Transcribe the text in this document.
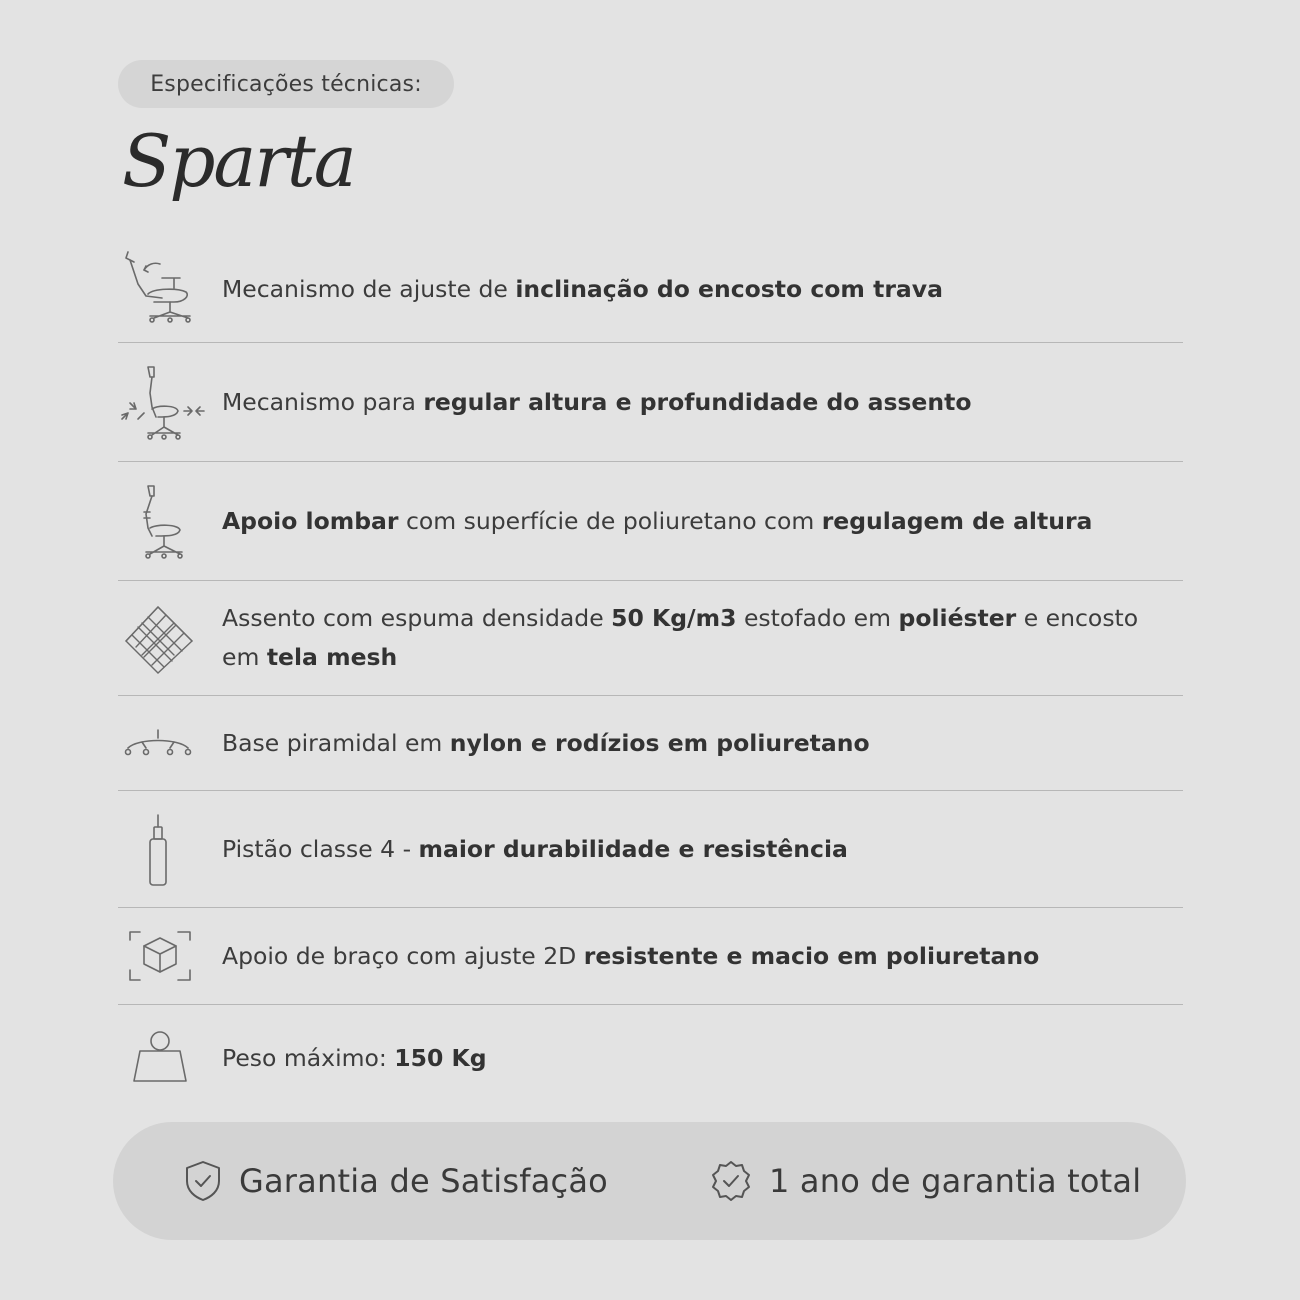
Especificações técnicas:
Sparta
Mecanismo de ajuste de inclinação do encosto com trava
Mecanismo para regular altura e profundidade do assento
Apoio lombar com superfície de poliuretano com regulagem de altura
Assento com espuma densidade 50 Kg/m3 estofado em poliéster e encosto em tela mesh
Base piramidal em nylon e rodízios em poliuretano
Pistão classe 4 - maior durabilidade e resistência
Apoio de braço com ajuste 2D resistente e macio em poliuretano
Peso máximo: 150 Kg
Garantia de Satisfação	1 ano de garantia total
